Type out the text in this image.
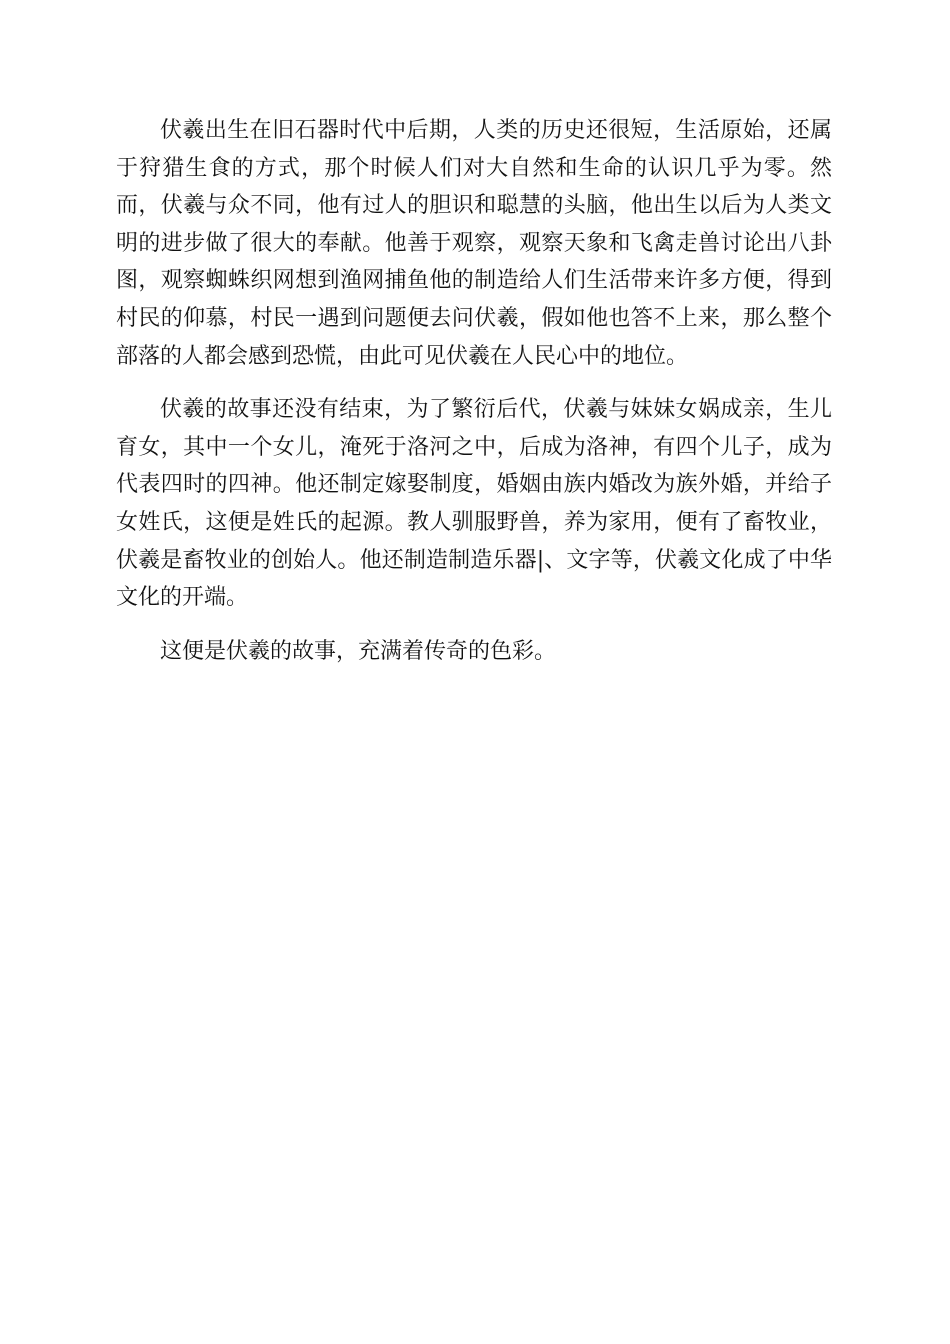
伏羲出生在旧石器时代中后期，人类的历史还很短，生活原始，还属于狩猎生食的方式，那个时候人们对大自然和生命的认识几乎为零。然而，伏羲与众不同，他有过人的胆识和聪慧的头脑，他出生以后为人类文明的进步做了很大的奉献。他善于观察，观察天象和飞禽走兽讨论出八卦图，观察蜘蛛织网想到渔网捕鱼他的制造给人们生活带来许多方便，得到村民的仰慕，村民一遇到问题便去问伏羲，假如他也答不上来，那么整个部落的人都会感到恐慌，由此可见伏羲在人民心中的地位。

伏羲的故事还没有结束，为了繁衍后代，伏羲与妹妹女娲成亲，生儿育女，其中一个女儿，淹死于洛河之中，后成为洛神，有四个儿子，成为代表四时的四神。他还制定嫁娶制度，婚姻由族内婚改为族外婚，并给子女姓氏，这便是姓氏的起源。教人驯服野兽，养为家用，便有了畜牧业，伏羲是畜牧业的创始人。他还制造制造乐器|、文字等，伏羲文化成了中华文化的开端。

这便是伏羲的故事，充满着传奇的色彩。
